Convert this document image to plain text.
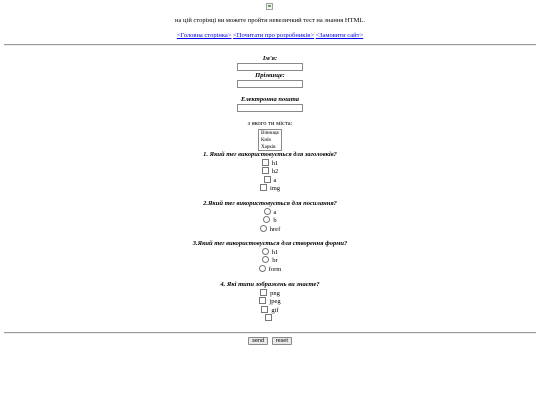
на цій сторінці ви можете пройти невеличкий тест на знання HTML.
<Головна сторінка> <Почитати про розробників> <Замовити сайт>
Ім'я:
Прізвище:
Електронна пошта
з якого ти міста:
Вінниця
Київ
Харків
1. Який тег використовується для заголовків?
h1
h2
a
img
2.Який тег використовується для посилання?
a
b
href
3.Який тег використовується для створення форми?
h1
br
form
4. Які типи зображень ви знаєте?
png
jpeg
gif
send reset
